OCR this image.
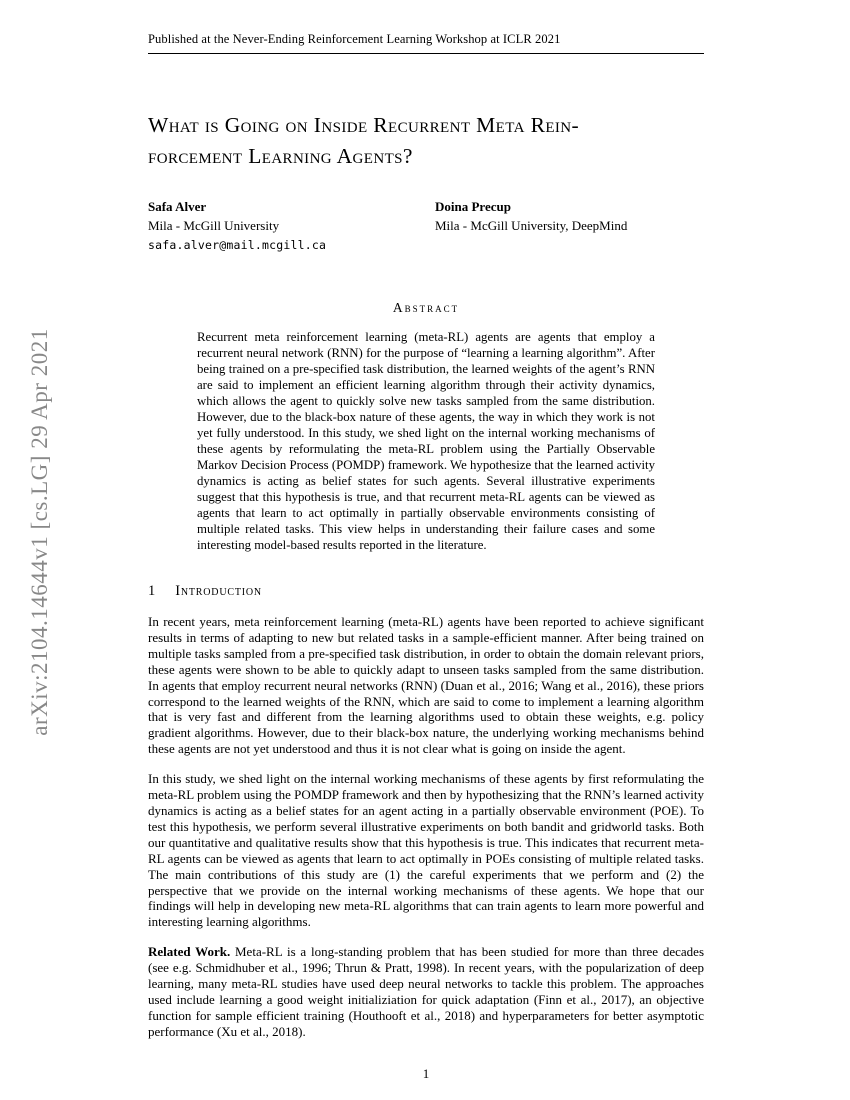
arXiv:2104.14644v1 [cs.LG] 29 Apr 2021
Published at the Never-Ending Reinforcement Learning Workshop at ICLR 2021
What is Going on Inside Recurrent Meta Rein-
forcement Learning Agents?
Safa Alver
Mila - McGill University
safa.alver@mail.mcgill.ca
Doina Precup
Mila - McGill University, DeepMind
Abstract

Recurrent meta reinforcement learning (meta-RL) agents are agents that employ a recurrent neural network (RNN) for the purpose of “learning a learning algorithm”. After being trained on a pre-specified task distribution, the learned weights of the agent’s RNN are said to implement an efficient learning algorithm through their activity dynamics, which allows the agent to quickly solve new tasks sampled from the same distribution. However, due to the black-box nature of these agents, the way in which they work is not yet fully understood. In this study, we shed light on the internal working mechanisms of these agents by reformulating the meta-RL problem using the Partially Observable Markov Decision Process (POMDP) framework. We hypothesize that the learned activity dynamics is acting as belief states for such agents. Several illustrative experiments suggest that this hypothesis is true, and that recurrent meta-RL agents can be viewed as agents that learn to act optimally in partially observable environments consisting of multiple related tasks. This view helps in understanding their failure cases and some interesting model-based results reported in the literature.

1 Introduction

In recent years, meta reinforcement learning (meta-RL) agents have been reported to achieve significant results in terms of adapting to new but related tasks in a sample-efficient manner. After being trained on multiple tasks sampled from a pre-specified task distribution, in order to obtain the domain relevant priors, these agents were shown to be able to quickly adapt to unseen tasks sampled from the same distribution. In agents that employ recurrent neural networks (RNN) (Duan et al., 2016; Wang et al., 2016), these priors correspond to the learned weights of the RNN, which are said to come to implement a learning algorithm that is very fast and different from the learning algorithms used to obtain these weights, e.g. policy gradient algorithms. However, due to their black-box nature, the underlying working mechanisms behind these agents are not yet understood and thus it is not clear what is going on inside the agent.

In this study, we shed light on the internal working mechanisms of these agents by first reformulating the meta-RL problem using the POMDP framework and then by hypothesizing that the RNN’s learned activity dynamics is acting as a belief states for an agent acting in a partially observable environment (POE). To test this hypothesis, we perform several illustrative experiments on both bandit and gridworld tasks. Both our quantitative and qualitative results show that this hypothesis is true. This indicates that recurrent meta-RL agents can be viewed as agents that learn to act optimally in POEs consisting of multiple related tasks. The main contributions of this study are (1) the careful experiments that we perform and (2) the perspective that we provide on the internal working mechanisms of these agents. We hope that our findings will help in developing new meta-RL algorithms that can train agents to learn more powerful and interesting learning algorithms.

Related Work. Meta-RL is a long-standing problem that has been studied for more than three decades (see e.g. Schmidhuber et al., 1996; Thrun & Pratt, 1998). In recent years, with the popularization of deep learning, many meta-RL studies have used deep neural networks to tackle this problem. The approaches used include learning a good weight initializiation for quick adaptation (Finn et al., 2017), an objective function for sample efficient training (Houthooft et al., 2018) and hyperparameters for better asymptotic performance (Xu et al., 2018).

1
